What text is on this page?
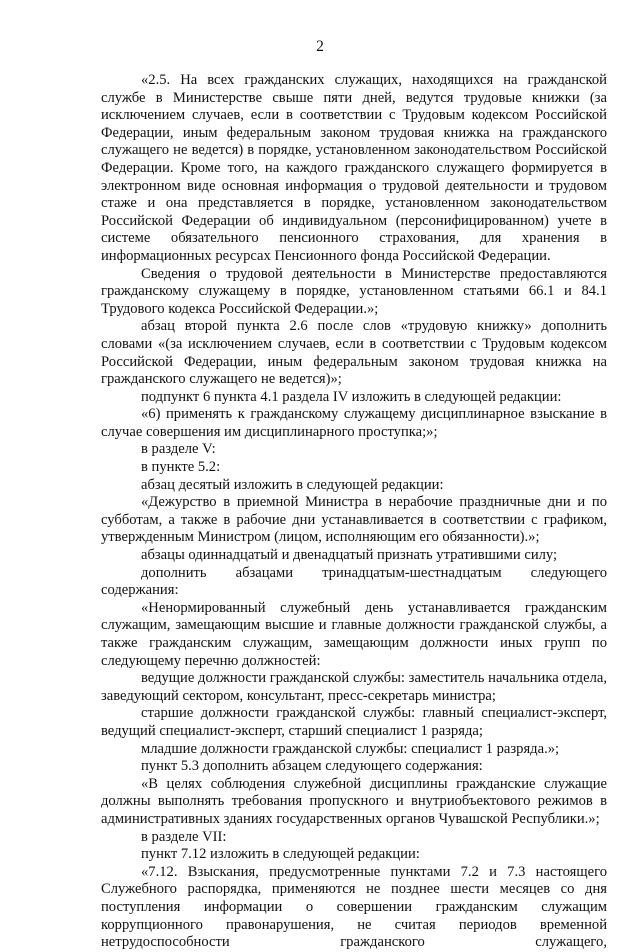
2

«2.5. На всех гражданских служащих, находящихся на гражданской службе в Министерстве свыше пяти дней, ведутся трудовые книжки (за исключением случаев, если в соответствии с Трудовым кодексом Российской Федерации, иным федеральным законом трудовая книжка на гражданского служащего не ведется) в порядке, установленном законодательством Российской Федерации. Кроме того, на каждого гражданского служащего формируется в электронном виде основная информация о трудовой деятельности и трудовом стаже и она представляется в порядке, установленном законодательством Российской Федерации об индивидуальном (персонифицированном) учете в системе обязательного пенсионного страхования, для хранения в информационных ресурсах Пенсионного фонда Российской Федерации.

Сведения о трудовой деятельности в Министерстве предоставляются гражданскому служащему в порядке, установленном статьями 66.1 и 84.1 Трудового кодекса Российской Федерации.»;

абзац второй пункта 2.6 после слов «трудовую книжку» дополнить словами «(за исключением случаев, если в соответствии с Трудовым кодексом Российской Федерации, иным федеральным законом трудовая книжка на гражданского служащего не ведется)»;

подпункт 6 пункта 4.1 раздела IV изложить в следующей редакции:

«6) применять к гражданскому служащему дисциплинарное взыскание в случае совершения им дисциплинарного проступка;»;

в разделе V:

в пункте 5.2:

абзац десятый изложить в следующей редакции:

«Дежурство в приемной Министра в нерабочие праздничные дни и по субботам, а также в рабочие дни устанавливается в соответствии с графиком, утвержденным Министром (лицом, исполняющим его обязанности).»;

абзацы одиннадцатый и двенадцатый признать утратившими силу;

дополнить абзацами тринадцатым-шестнадцатым следующего содержания:

«Ненормированный служебный день устанавливается гражданским служащим, замещающим высшие и главные должности гражданской службы, а также гражданским служащим, замещающим должности иных групп по следующему перечню должностей:

ведущие должности гражданской службы: заместитель начальника отдела, заведующий сектором, консультант, пресс-секретарь министра;

старшие должности гражданской службы: главный специалист-эксперт, ведущий специалист-эксперт, старший специалист 1 разряда;

младшие должности гражданской службы: специалист 1 разряда.»;

пункт 5.3 дополнить абзацем следующего содержания:

«В целях соблюдения служебной дисциплины гражданские служащие должны выполнять требования пропускного и внутриобъектового режимов в административных зданиях государственных органов Чувашской Республики.»;

в разделе VII:

пункт 7.12 изложить в следующей редакции:

«7.12. Взыскания, предусмотренные пунктами 7.2 и 7.3 настоящего Служебного распорядка, применяются не позднее шести месяцев со дня поступления информации о совершении гражданским служащим коррупционного правонарушения, не считая периодов временной нетрудоспособности гражданского служащего,
